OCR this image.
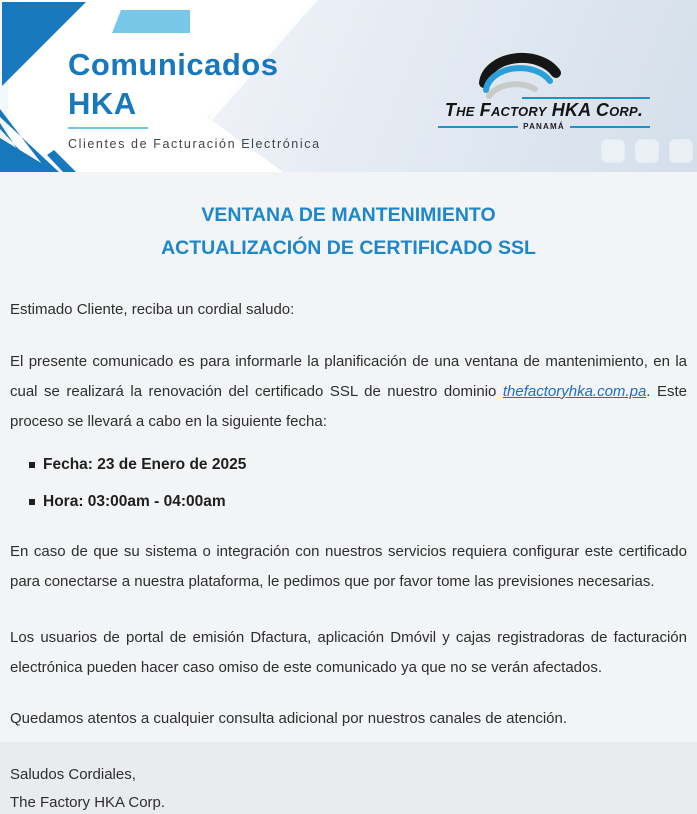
Comunicados
HKA
Clientes de Facturación Electrónica
The Factory HKA Corp.
PANAMÁ
VENTANA DE MANTENIMIENTO
ACTUALIZACIÓN DE CERTIFICADO SSL

Estimado Cliente, reciba un cordial saludo:

El presente comunicado es para informarle la planificación de una ventana de mantenimiento, en la cual se realizará la renovación del certificado SSL de nuestro dominio thefactoryhka.com.pa. Este proceso se llevará a cabo en la siguiente fecha:

Fecha: 23 de Enero de 2025
Hora: 03:00am - 04:00am

En caso de que su sistema o integración con nuestros servicios requiera configurar este certificado para conectarse a nuestra plataforma, le pedimos que por favor tome las previsiones necesarias.

Los usuarios de portal de emisión Dfactura, aplicación Dmóvil y cajas registradoras de facturación electrónica pueden hacer caso omiso de este comunicado ya que no se verán afectados.

Quedamos atentos a cualquier consulta adicional por nuestros canales de atención.

Saludos Cordiales,

The Factory HKA Corp.
